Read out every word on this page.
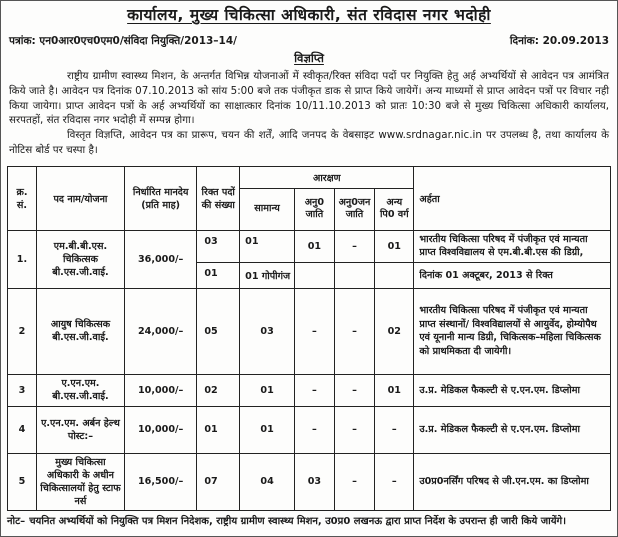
कार्यालय, मुख्य चिकित्सा अधिकारी, संत रविदास नगर भदोही
पत्रांक: एन0आर0एच0एम0/संविदा नियुक्ति/2013–14/	दिनांक: 20.09.2013
विज्ञप्ति

राष्ट्रीय ग्रामीण स्वास्थ्य मिशन, के अन्तर्गत विभिन्न योजनाओं में स्वीकृत/रिक्त संविदा पदों पर नियुक्ति हेतु अर्ह अभ्यर्थियों से आवेदन पत्र आमंत्रित किये जाते है। आवेदन पत्र दिनांक 07.10.2013 को सांय 5:00 बजे तक पंजीकृत डाक से प्राप्त किये जायेगें। अन्य माध्यमों से प्राप्त आवेदन पत्रों पर विचार नही किया जायेगा। प्राप्त आवेदन पत्रों के अर्ह अभ्यर्थियों का साक्षात्कार दिनांक 10/11.10.2013 को प्रातः 10:30 बजे से मुख्य चिकित्सा अधिकारी कार्यालय, सरपतहों, संत रविदास नगर भदोही में सम्पन्न होगा।

विस्तृत विज्ञप्ति, आवेदन पत्र का प्रारूप, चयन की शर्तें, आदि जनपद के वेबसाइट www.srdnagar.nic.in पर उपलब्ध है, तथा कार्यालय के नोटिस बोर्ड पर चस्पा है।

क्र. सं.	पद नाम/योजना	निर्धारित मानदेय (प्रति माह)	रिक्त पदों की संख्या	आरक्षण				अर्हता
				सामान्य	अनु0 जाति	अनु0जन जाति	अन्य पि0 वर्ग	
1.	एम.बी.बी.एस. चिकित्सक बी.एस.जी.वाई.	36,000/–	03	01	01	–	01	भारतीय चिकित्सा परिषद में पंजीकृत एवं मान्यता प्राप्त विश्वविद्यालय से एम.बी.बी.एस की डिग्री,
			01	01 गोपीगंज				दिनांक 01 अक्टूबर, 2013 से रिक्त
2	आयुष चिकित्सक बी.एस.जी.वाई.	24,000/–	05	03	–	–	02	भारतीय चिकित्सा परिषद में पंजीकृत एवं मान्यता प्राप्त संस्थानों/ विश्वविद्यालयों से आयुर्वेद, होम्योपैथ एवं यूनानी मान्य डिग्री, चिकित्सक–महिला चिकित्सक को प्राथमिकता दी जायेगी।
3	ए.एन.एम. बी.एस.जी.वाई.	10,000/–	02	01	–	–	01	उ.प्र. मेडिकल फैकल्टी से ए.एन.एम. डिप्लोमा
4	ए.एन.एम. अर्बन हेल्थ पोस्ट:–	10,000/–	01	01	–	–	–	उ.प्र. मेडिकल फैकल्टी से ए.एन.एम. डिप्लोमा
5	मुख्य चिकित्सा अधिकारी के अधीन चिकित्सालयों हेतु स्टाफ नर्स	16,500/–	07	04	03	–	–	उ0प्र0नर्सिंग परिषद से जी.एन.एम. का डिप्लोमा
नोट– चयनित अभ्यर्थियों को नियुक्ति पत्र मिशन निदेशक, राष्ट्रीय ग्रामीण स्वास्थ्य मिशन, उ0प्र0 लखनऊ द्वारा प्राप्त निर्देश के उपरान्त ही जारी किये जायेंगे।
